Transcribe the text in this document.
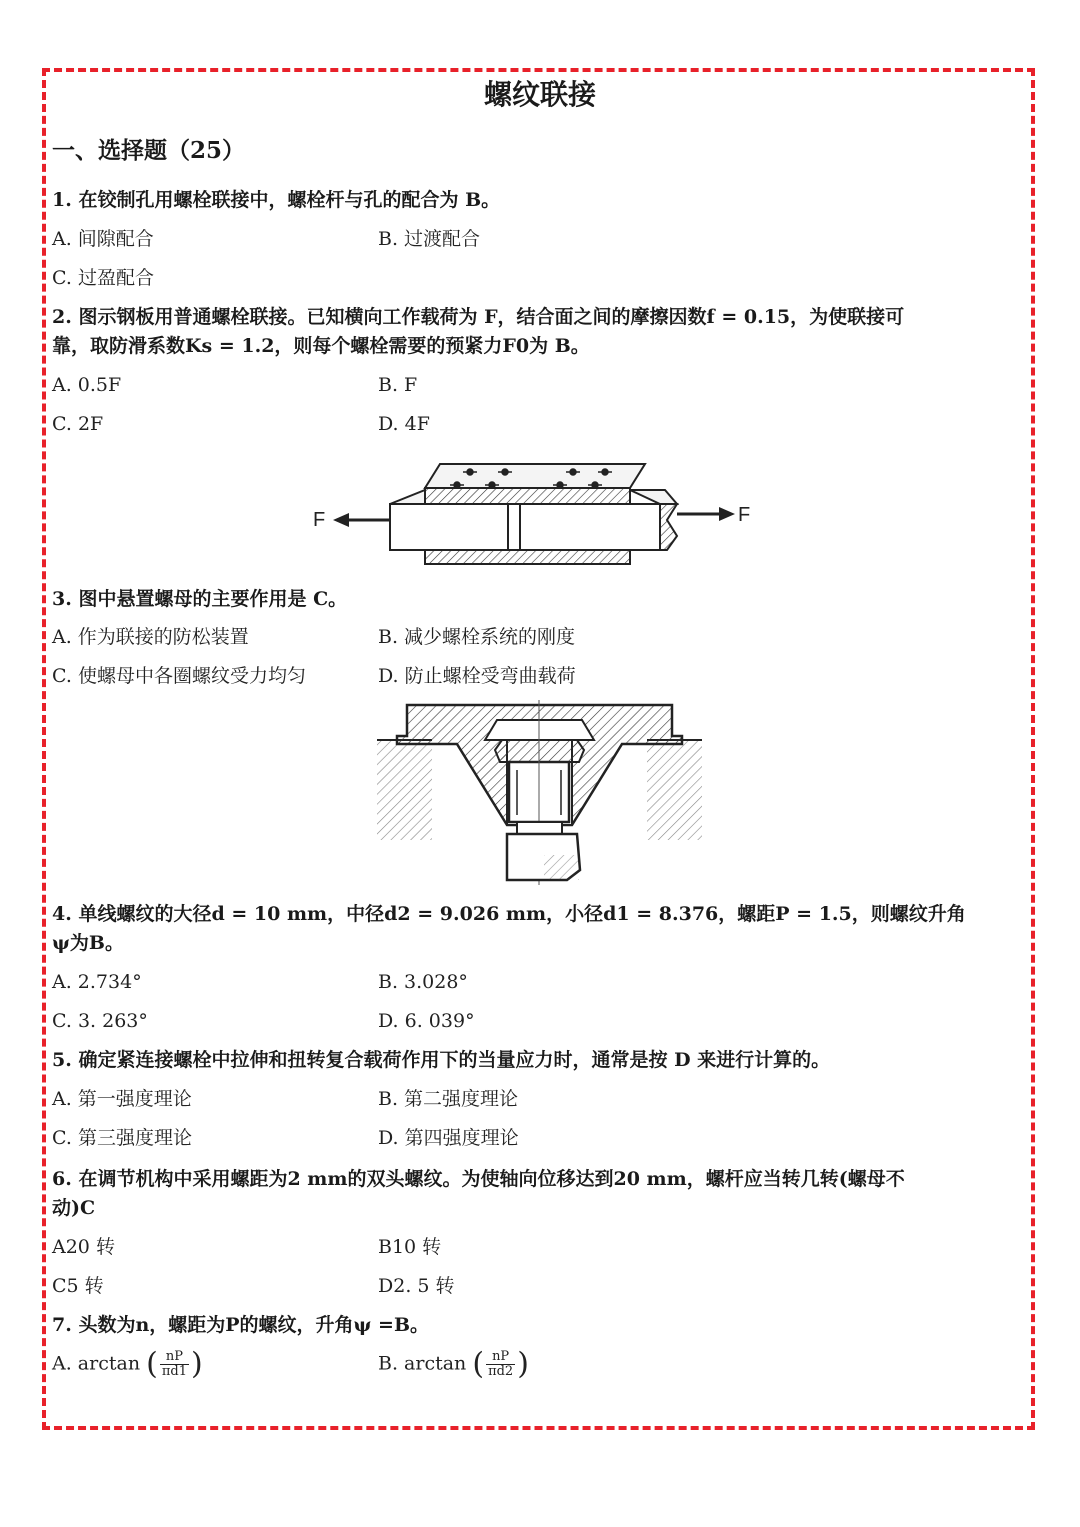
螺纹联接
一、选择题（25）
1. 在铰制孔用螺栓联接中，螺栓杆与孔的配合为 B。
A. 间隙配合	B. 过渡配合
C. 过盈配合
2. 图示钢板用普通螺栓联接。已知横向工作载荷为 F，结合面之间的摩擦因数f = 0.15，为使联接可
靠，取防滑系数Ks = 1.2，则每个螺栓需要的预紧力F0为 B。
A. 0.5F	B. F
C. 2F	D. 4F
F	F
3. 图中悬置螺母的主要作用是 C。
A. 作为联接的防松装置	B. 减少螺栓系统的刚度
C. 使螺母中各圈螺纹受力均匀	D. 防止螺栓受弯曲载荷
4. 单线螺纹的大径d = 10 mm，中径d2 = 9.026 mm，小径d1 = 8.376，螺距P = 1.5，则螺纹升角
ψ为B。
A. 2.734°	B. 3.028°
C. 3. 263°	D. 6. 039°
5. 确定紧连接螺栓中拉伸和扭转复合载荷作用下的当量应力时，通常是按 D 来进行计算的。
A. 第一强度理论	B. 第二强度理论
C. 第三强度理论	D. 第四强度理论
6. 在调节机构中采用螺距为2 mm的双头螺纹。为使轴向位移达到20 mm，螺杆应当转几转(螺母不
动)C
A20 转	B10 转
C5 转	D2. 5 转
7. 头数为n，螺距为P的螺纹，升角ψ =B。
A. arctan ( $\frac{nP}{\pi d1}$ )	B. arctan ( $\frac{nP}{\pi d2}$ )
